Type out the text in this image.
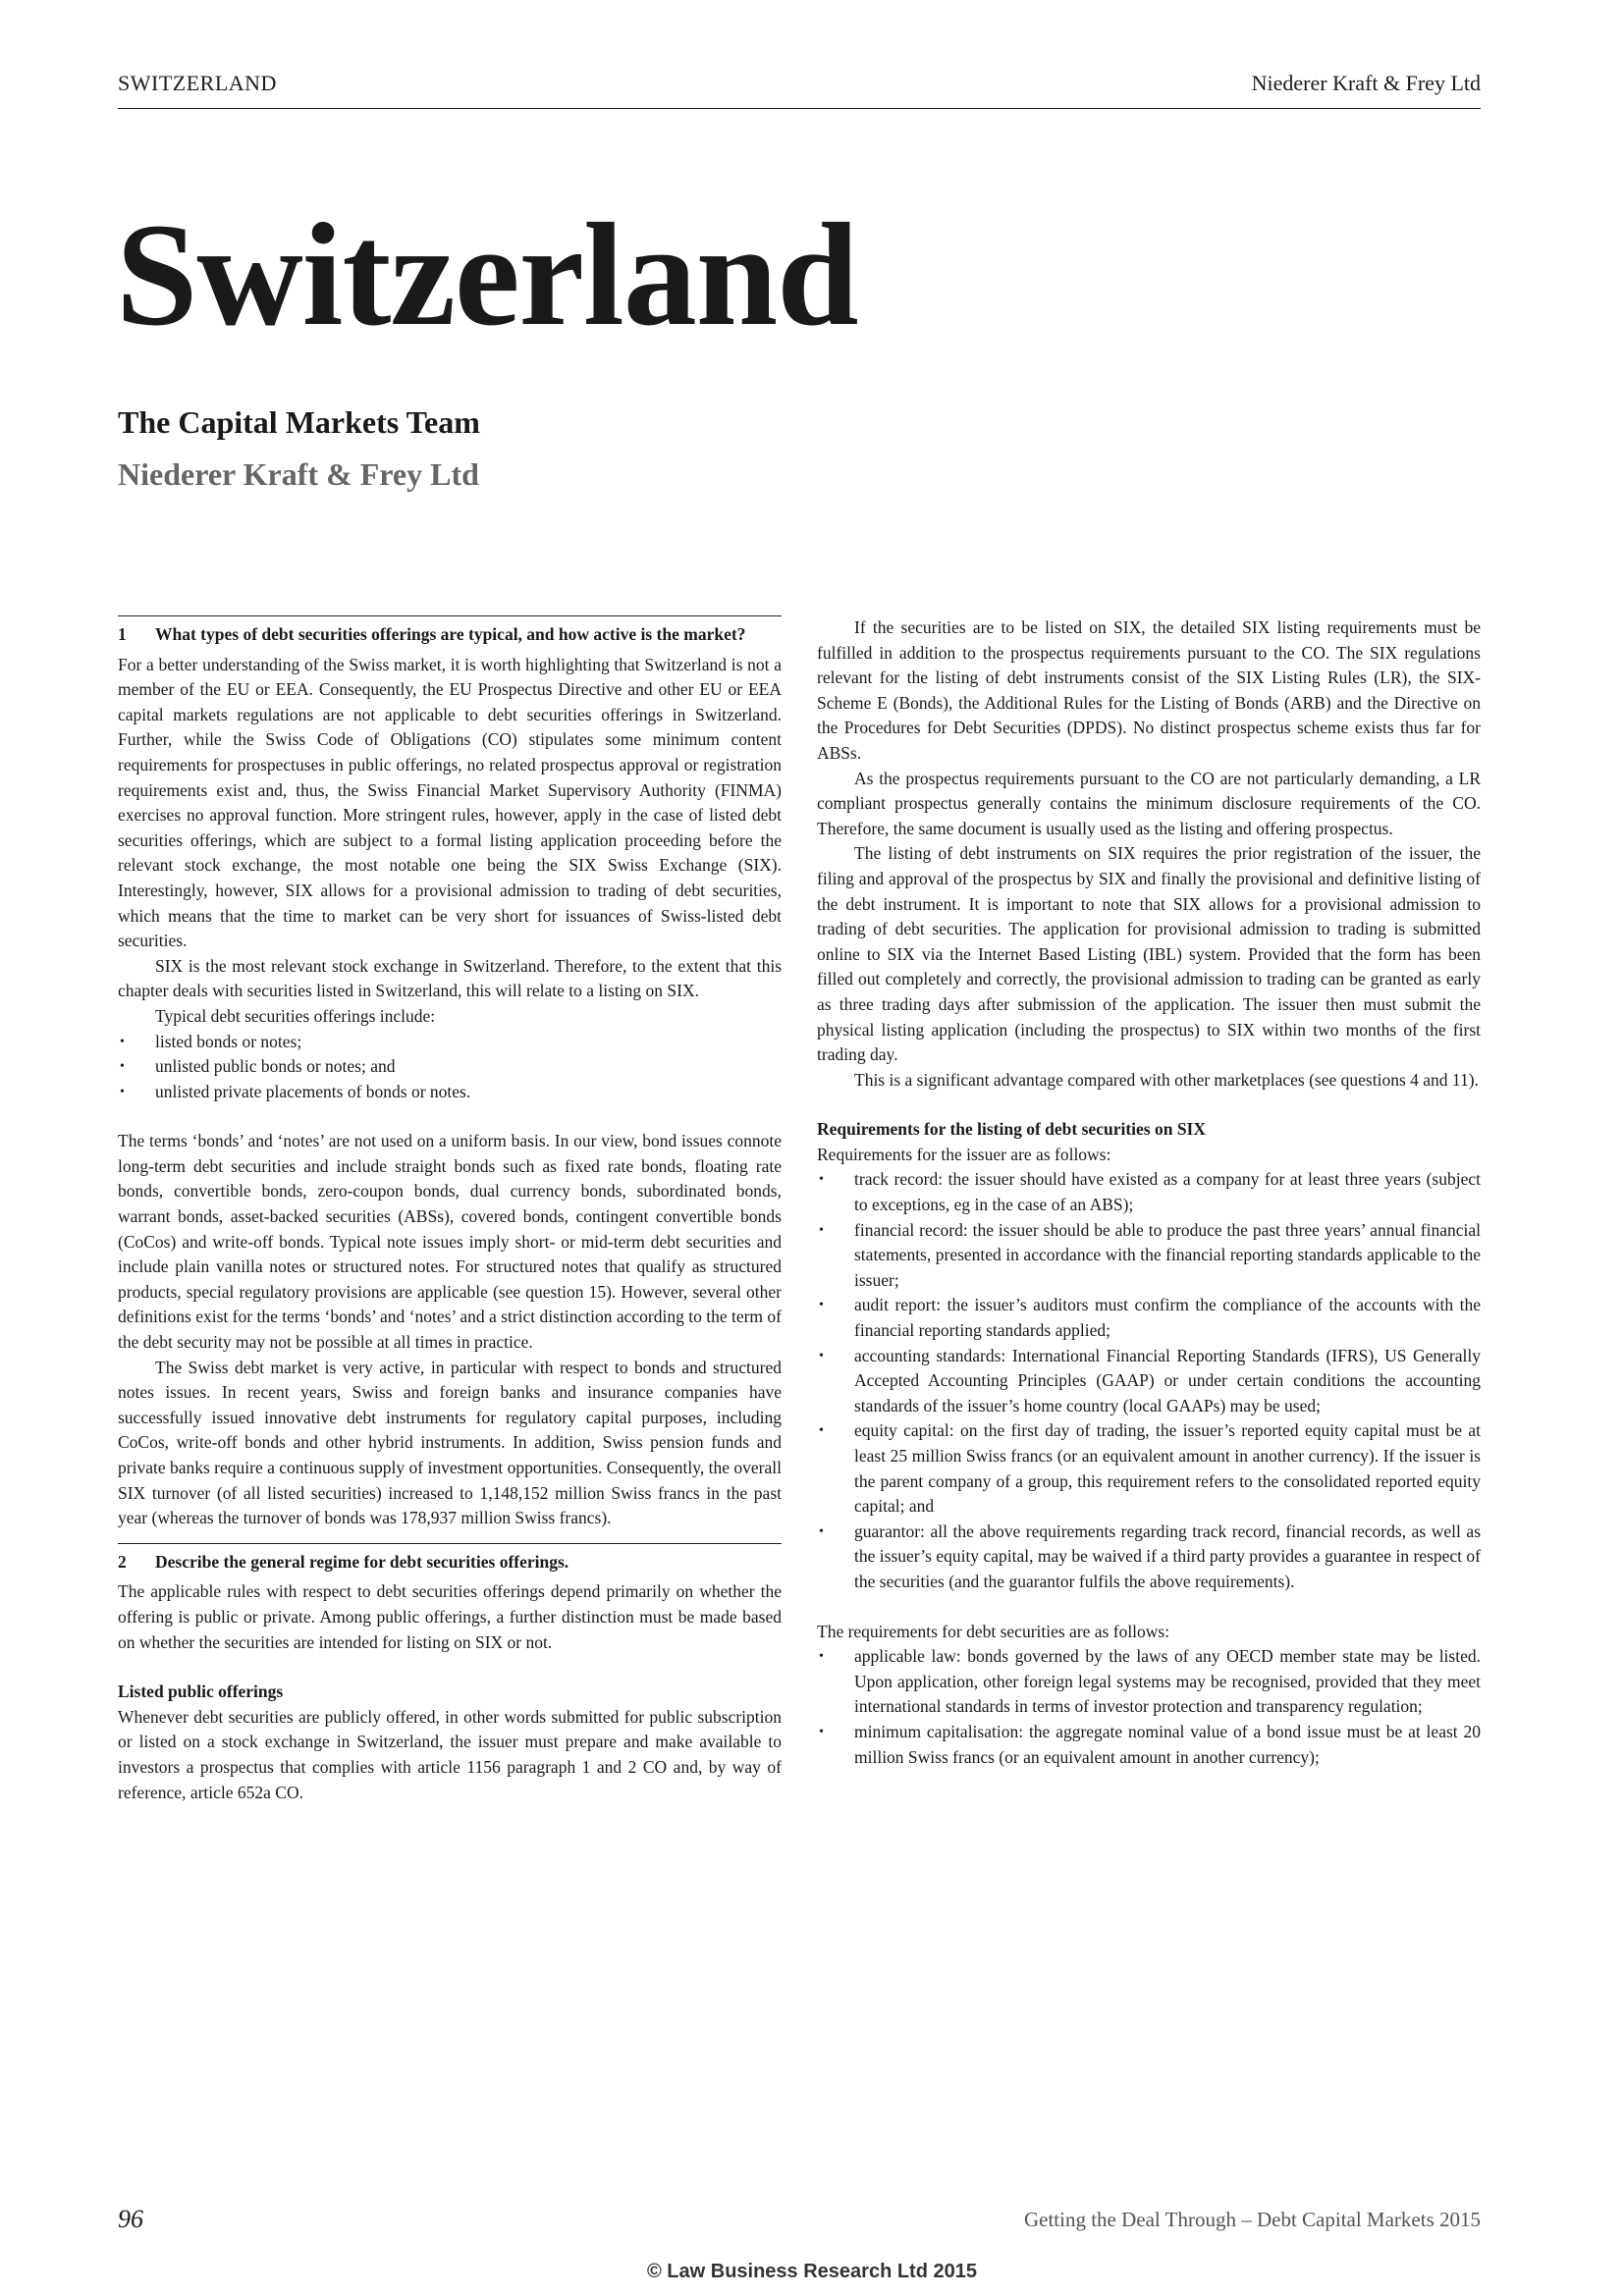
SWITZERLAND	Niederer Kraft & Frey Ltd
Switzerland
The Capital Markets Team
Niederer Kraft & Frey Ltd
1	What types of debt securities offerings are typical, and how active is the market?

For a better understanding of the Swiss market, it is worth highlighting that Switzerland is not a member of the EU or EEA. Consequently, the EU Prospectus Directive and other EU or EEA capital markets regulations are not applicable to debt securities offerings in Switzerland. Further, while the Swiss Code of Obligations (CO) stipulates some minimum content requirements for prospectuses in public offerings, no related prospectus approval or registration requirements exist and, thus, the Swiss Financial Market Supervisory Authority (FINMA) exercises no approval function. More stringent rules, however, apply in the case of listed debt securities offerings, which are subject to a formal listing application proceeding before the relevant stock exchange, the most notable one being the SIX Swiss Exchange (SIX). Interestingly, however, SIX allows for a provisional admission to trading of debt securities, which means that the time to market can be very short for issuances of Swiss-listed debt securities.

SIX is the most relevant stock exchange in Switzerland. Therefore, to the extent that this chapter deals with securities listed in Switzerland, this will relate to a listing on SIX.

Typical debt securities offerings include:

• listed bonds or notes;
• unlisted public bonds or notes; and
• unlisted private placements of bonds or notes.

The terms ‘bonds’ and ‘notes’ are not used on a uniform basis. In our view, bond issues connote long-term debt securities and include straight bonds such as fixed rate bonds, floating rate bonds, convertible bonds, zero-coupon bonds, dual currency bonds, subordinated bonds, warrant bonds, asset-backed securities (ABSs), covered bonds, contingent convertible bonds (CoCos) and write-off bonds. Typical note issues imply short- or mid-term debt securities and include plain vanilla notes or structured notes. For structured notes that qualify as structured products, special regulatory provisions are applicable (see question 15). However, several other definitions exist for the terms ‘bonds’ and ‘notes’ and a strict distinction according to the term of the debt security may not be possible at all times in practice.

The Swiss debt market is very active, in particular with respect to bonds and structured notes issues. In recent years, Swiss and foreign banks and insurance companies have successfully issued innovative debt instruments for regulatory capital purposes, including CoCos, write-off bonds and other hybrid instruments. In addition, Swiss pension funds and private banks require a continuous supply of investment opportunities. Consequently, the overall SIX turnover (of all listed securities) increased to 1,148,152 million Swiss francs in the past year (whereas the turnover of bonds was 178,937 million Swiss francs).

2	Describe the general regime for debt securities offerings.

The applicable rules with respect to debt securities offerings depend primarily on whether the offering is public or private. Among public offerings, a further distinction must be made based on whether the securities are intended for listing on SIX or not.

Listed public offerings

Whenever debt securities are publicly offered, in other words submitted for public subscription or listed on a stock exchange in Switzerland, the issuer must prepare and make available to investors a prospectus that complies with article 1156 paragraph 1 and 2 CO and, by way of reference, article 652a CO.

If the securities are to be listed on SIX, the detailed SIX listing requirements must be fulfilled in addition to the prospectus requirements pursuant to the CO. The SIX regulations relevant for the listing of debt instruments consist of the SIX Listing Rules (LR), the SIX-Scheme E (Bonds), the Additional Rules for the Listing of Bonds (ARB) and the Directive on the Procedures for Debt Securities (DPDS). No distinct prospectus scheme exists thus far for ABSs.

As the prospectus requirements pursuant to the CO are not particularly demanding, a LR compliant prospectus generally contains the minimum disclosure requirements of the CO. Therefore, the same document is usually used as the listing and offering prospectus.

The listing of debt instruments on SIX requires the prior registration of the issuer, the filing and approval of the prospectus by SIX and finally the provisional and definitive listing of the debt instrument. It is important to note that SIX allows for a provisional admission to trading of debt securities. The application for provisional admission to trading is submitted online to SIX via the Internet Based Listing (IBL) system. Provided that the form has been filled out completely and correctly, the provisional admission to trading can be granted as early as three trading days after submission of the application. The issuer then must submit the physical listing application (including the prospectus) to SIX within two months of the first trading day.

This is a significant advantage compared with other marketplaces (see questions 4 and 11).

Requirements for the listing of debt securities on SIX

Requirements for the issuer are as follows:

• track record: the issuer should have existed as a company for at least three years (subject to exceptions, eg in the case of an ABS);
• financial record: the issuer should be able to produce the past three years’ annual financial statements, presented in accordance with the financial reporting standards applicable to the issuer;
• audit report: the issuer’s auditors must confirm the compliance of the accounts with the financial reporting standards applied;
• accounting standards: International Financial Reporting Standards (IFRS), US Generally Accepted Accounting Principles (GAAP) or under certain conditions the accounting standards of the issuer’s home country (local GAAPs) may be used;
• equity capital: on the first day of trading, the issuer’s reported equity capital must be at least 25 million Swiss francs (or an equivalent amount in another currency). If the issuer is the parent company of a group, this requirement refers to the consolidated reported equity capital; and
• guarantor: all the above requirements regarding track record, financial records, as well as the issuer’s equity capital, may be waived if a third party provides a guarantee in respect of the securities (and the guarantor fulfils the above requirements).

The requirements for debt securities are as follows:

• applicable law: bonds governed by the laws of any OECD member state may be listed. Upon application, other foreign legal systems may be recognised, provided that they meet international standards in terms of investor protection and transparency regulation;
• minimum capitalisation: the aggregate nominal value of a bond issue must be at least 20 million Swiss francs (or an equivalent amount in another currency);
96	Getting the Deal Through – Debt Capital Markets 2015
© Law Business Research Ltd 2015
